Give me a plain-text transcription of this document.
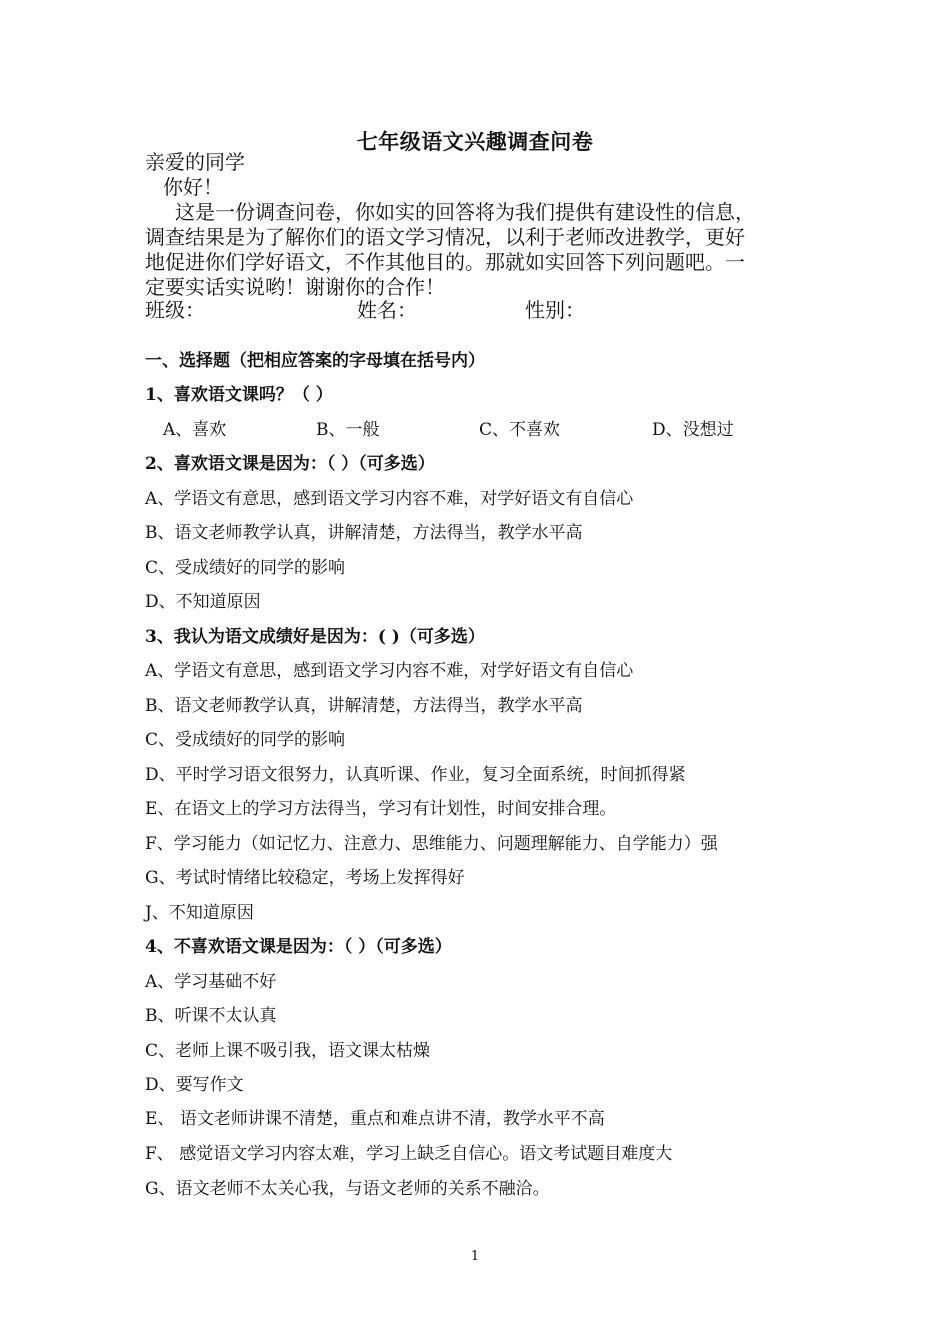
七年级语文兴趣调查问卷
亲爱的同学
你好！
这是一份调查问卷，你如实的回答将为我们提供有建设性的信息，
调查结果是为了解你们的语文学习情况，以利于老师改进教学，更好
地促进你们学好语文，不作其他目的。那就如实回答下列问题吧。一
定要实话实说哟！谢谢你的合作！
班级：	姓名：	性别：
一、选择题（把相应答案的字母填在括号内）
1、喜欢语文课吗？（ ）
A、喜欢	B、一般	C、不喜欢	D、没想过
2、喜欢语文课是因为：（ ）（可多选）
A、学语文有意思，感到语文学习内容不难，对学好语文有自信心
B、语文老师教学认真，讲解清楚，方法得当，教学水平高
C、受成绩好的同学的影响
D、不知道原因
3、我认为语文成绩好是因为：( )（可多选）
A、学语文有意思，感到语文学习内容不难，对学好语文有自信心
B、语文老师教学认真，讲解清楚，方法得当，教学水平高
C、受成绩好的同学的影响
D、平时学习语文很努力，认真听课、作业，复习全面系统，时间抓得紧
E、在语文上的学习方法得当，学习有计划性，时间安排合理。
F、学习能力（如记忆力、注意力、思维能力、问题理解能力、自学能力）强
G、考试时情绪比较稳定，考场上发挥得好
J、不知道原因
4、不喜欢语文课是因为：（ ）（可多选）
A、学习基础不好
B、听课不太认真
C、老师上课不吸引我，语文课太枯燥
D、要写作文
E、 语文老师讲课不清楚，重点和难点讲不清，教学水平不高
F、 感觉语文学习内容太难，学习上缺乏自信心。语文考试题目难度大
G、语文老师不太关心我，与语文老师的关系不融洽。
1
